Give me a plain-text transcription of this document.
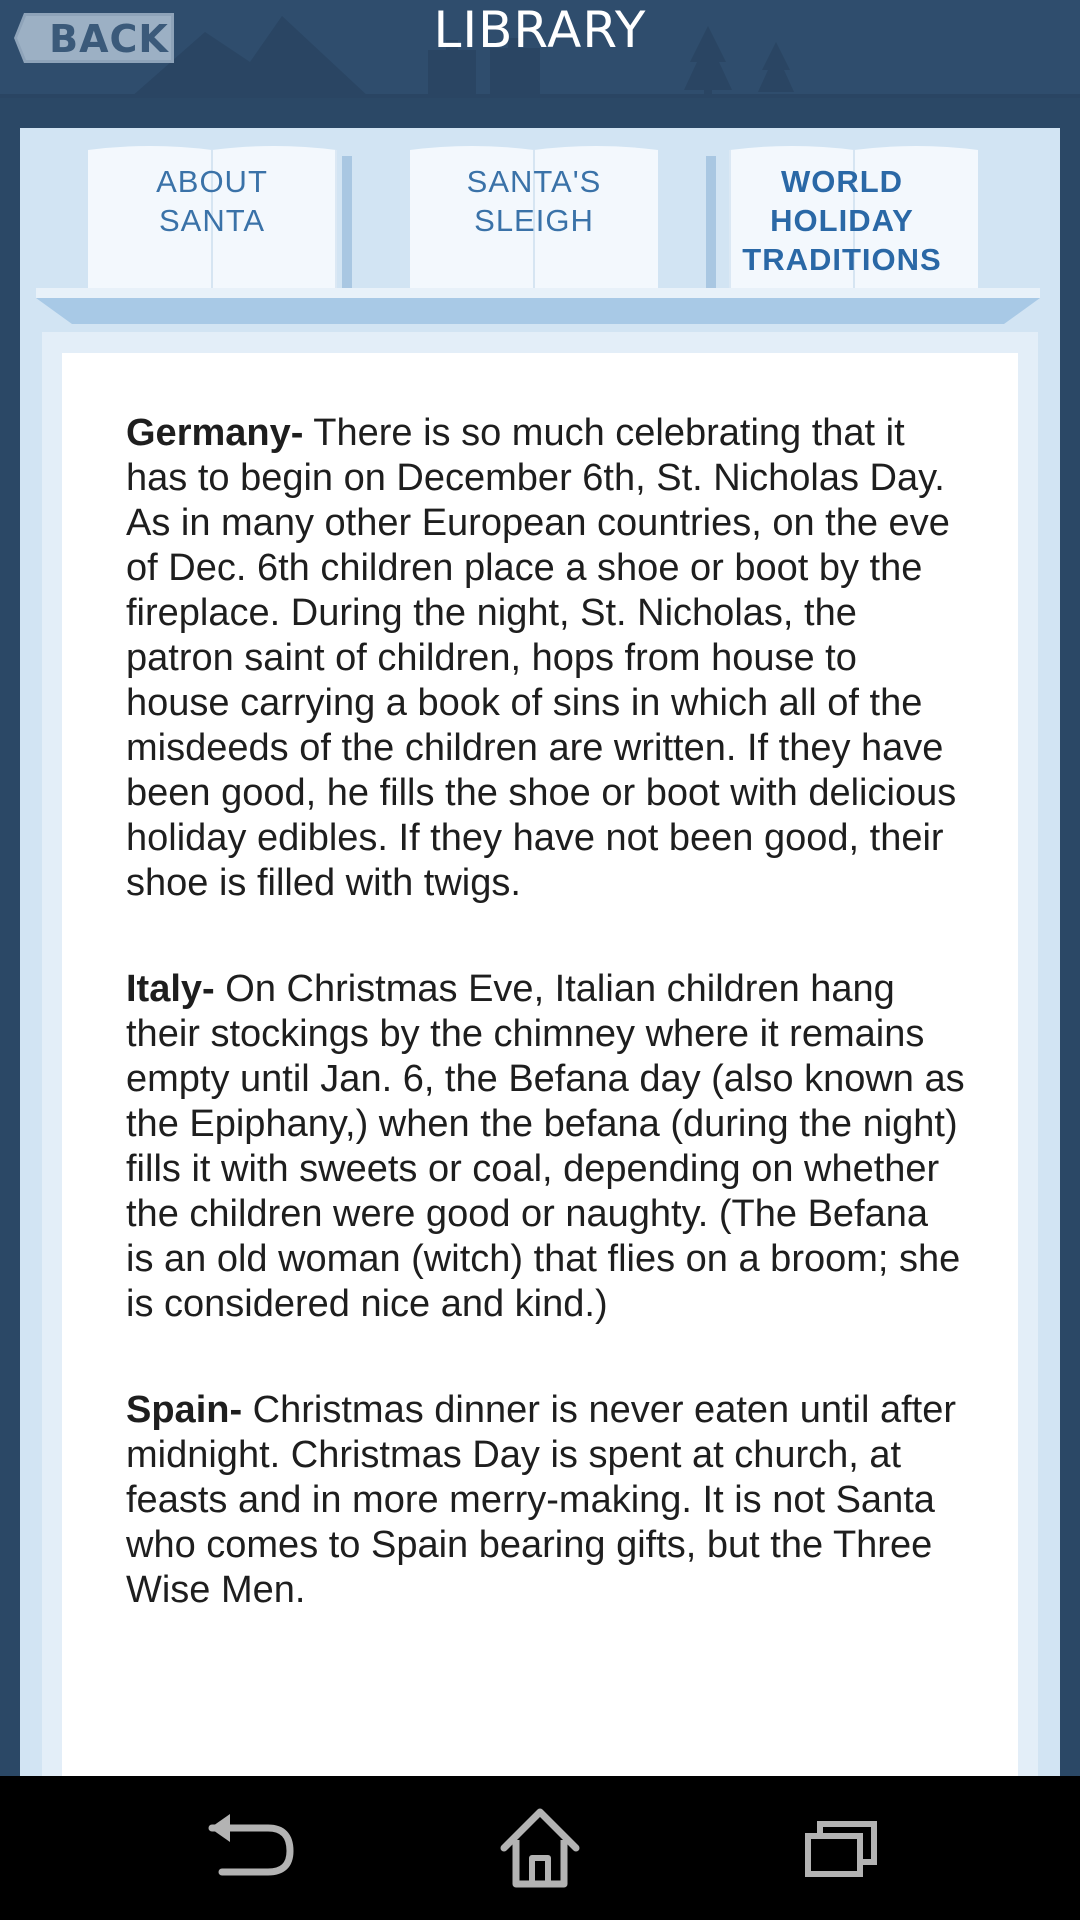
BACK	LIBRARY
ABOUT
SANTA
SANTA'S
SLEIGH
WORLD
HOLIDAY
TRADITIONS

Germany- There is so much celebrating that it has to begin on December 6th, St. Nicholas Day. As in many other European countries, on the eve of Dec. 6th children place a shoe or boot by the fireplace. During the night, St. Nicholas, the patron saint of children, hops from house to house carrying a book of sins in which all of the misdeeds of the children are written. If they have been good, he fills the shoe or boot with delicious holiday edibles. If they have not been good, their shoe is filled with twigs.

Italy- On Christmas Eve, Italian children hang their stockings by the chimney where it remains empty until Jan. 6, the Befana day (also known as the Epiphany,) when the befana (during the night) fills it with sweets or coal, depending on whether the children were good or naughty. (The Befana is an old woman (witch) that flies on a broom; she is considered nice and kind.)

Spain- Christmas dinner is never eaten until after midnight. Christmas Day is spent at church, at feasts and in more merry-making. It is not Santa who comes to Spain bearing gifts, but the Three Wise Men.
